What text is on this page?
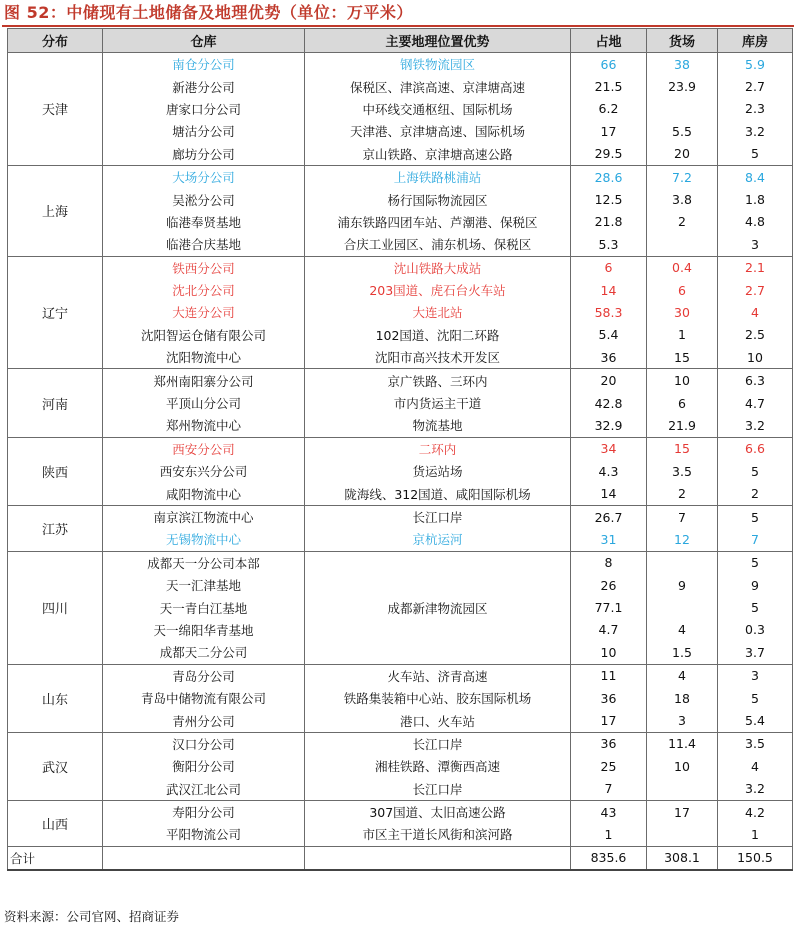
图 52：中储现有土地储备及地理优势（单位：万平米）
分布	仓库	主要地理位置优势	占地	货场	库房
天津	南仓分公司	钢铁物流园区	66	38	5.9
	新港分公司	保税区、津滨高速、京津塘高速	21.5	23.9	2.7
	唐家口分公司	中环线交通枢纽、国际机场	6.2		2.3
	塘沽分公司	天津港、京津塘高速、国际机场	17	5.5	3.2
	廊坊分公司	京山铁路、京津塘高速公路	29.5	20	5
上海	大场分公司	上海铁路桃浦站	28.6	7.2	8.4
	吴淞分公司	杨行国际物流园区	12.5	3.8	1.8
	临港奉贤基地	浦东铁路四团车站、芦潮港、保税区	21.8	2	4.8
	临港合庆基地	合庆工业园区、浦东机场、保税区	5.3		3
辽宁	铁西分公司	沈山铁路大成站	6	0.4	2.1
	沈北分公司	203国道、虎石台火车站	14	6	2.7
	大连分公司	大连北站	58.3	30	4
	沈阳智运仓储有限公司	102国道、沈阳二环路	5.4	1	2.5
	沈阳物流中心	沈阳市高兴技术开发区	36	15	10
河南	郑州南阳寨分公司	京广铁路、三环内	20	10	6.3
	平顶山分公司	市内货运主干道	42.8	6	4.7
	郑州物流中心	物流基地	32.9	21.9	3.2
陕西	西安分公司	二环内	34	15	6.6
	西安东兴分公司	货运站场	4.3	3.5	5
	咸阳物流中心	陇海线、312国道、咸阳国际机场	14	2	2
江苏	南京滨江物流中心	长江口岸	26.7	7	5
	无锡物流中心	京杭运河	31	12	7
四川	成都天一分公司本部	成都新津物流园区	8		5
	天一汇津基地		26	9	9
	天一青白江基地		77.1		5
	天一绵阳华青基地		4.7	4	0.3
	成都天二分公司		10	1.5	3.7
山东	青岛分公司	火车站、济青高速	11	4	3
	青岛中储物流有限公司	铁路集装箱中心站、胶东国际机场	36	18	5
	青州分公司	港口、火车站	17	3	5.4
武汉	汉口分公司	长江口岸	36	11.4	3.5
	衡阳分公司	湘桂铁路、潭衡西高速	25	10	4
	武汉江北公司	长江口岸	7		3.2
山西	寿阳分公司	307国道、太旧高速公路	43	17	4.2
	平阳物流公司	市区主干道长风街和滨河路	1		1
合计			835.6	308.1	150.5
资料来源：公司官网、招商证券
